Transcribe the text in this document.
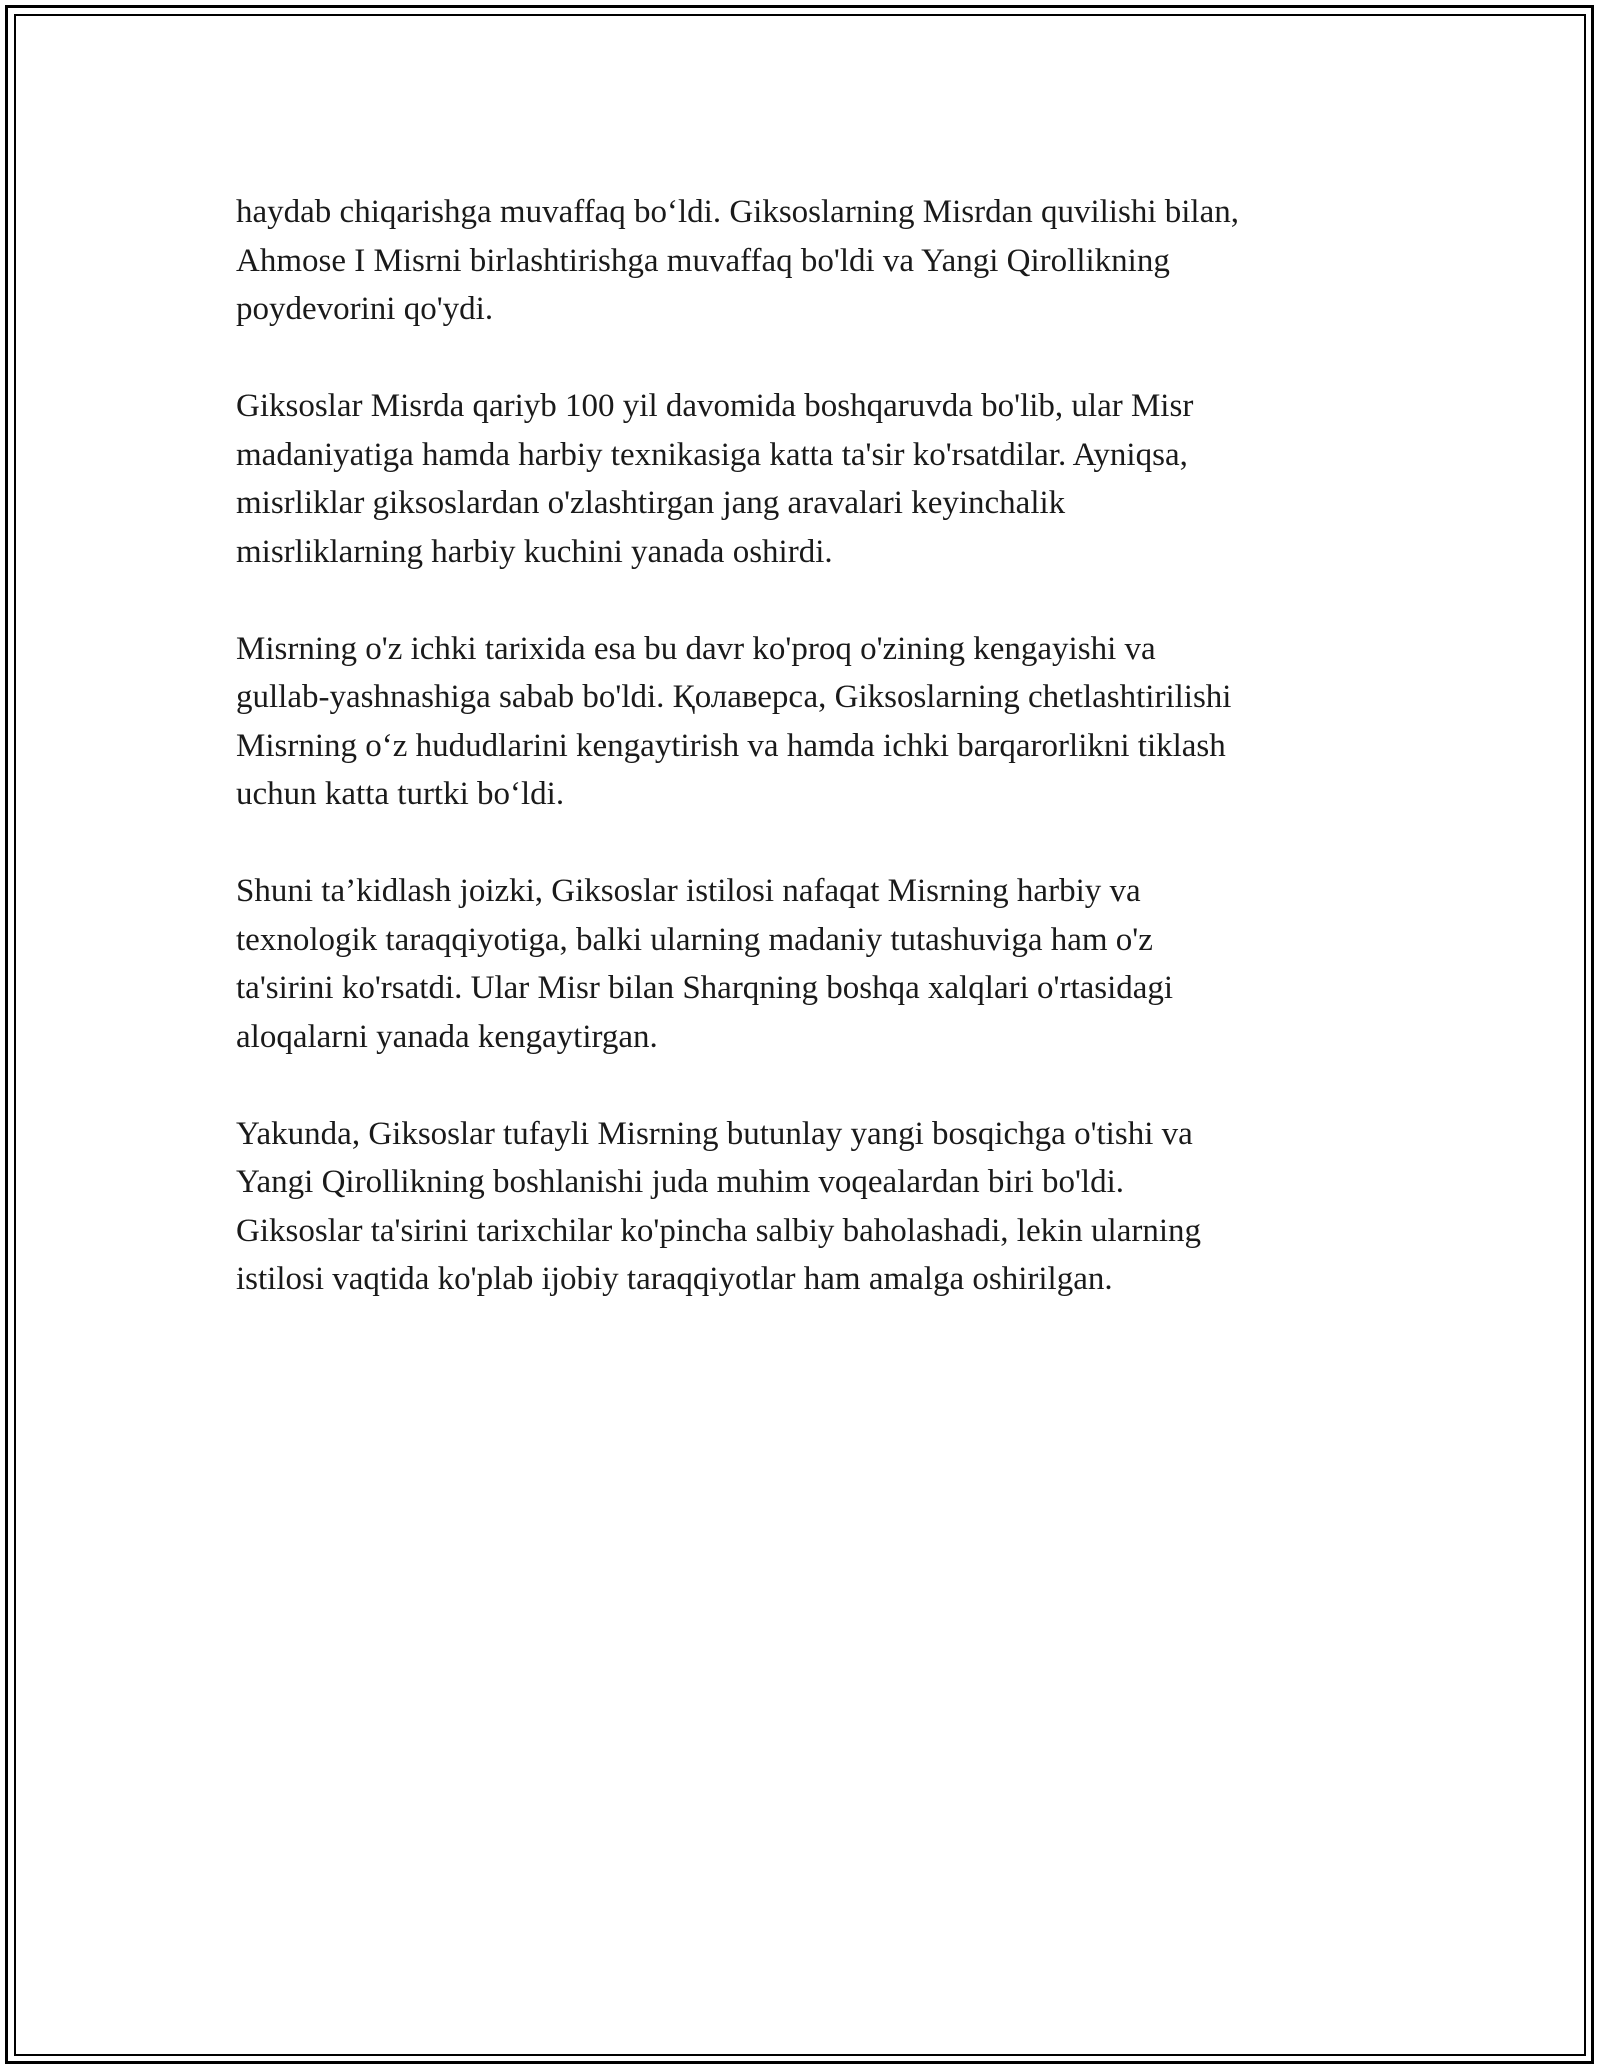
haydab chiqarishga muvaffaq bo‘ldi. Giksoslarning Misrdan quvilishi bilan,
Ahmose I Misrni birlashtirishga muvaffaq bo'ldi va Yangi Qirollikning
poydevorini qo'ydi.

Giksoslar Misrda qariyb 100 yil davomida boshqaruvda bo'lib, ular Misr
madaniyatiga hamda harbiy texnikasiga katta ta'sir ko'rsatdilar. Ayniqsa,
misrliklar giksoslardan o'zlashtirgan jang aravalari keyinchalik
misrliklarning harbiy kuchini yanada oshirdi.

Misrning o'z ichki tarixida esa bu davr ko'proq o'zining kengayishi va
gullab-yashnashiga sabab bo'ldi. Қолаверса, Giksoslarning chetlashtirilishi
Misrning o‘z hududlarini kengaytirish va hamda ichki barqarorlikni tiklash
uchun katta turtki bo‘ldi.

Shuni ta’kidlash joizki, Giksoslar istilosi nafaqat Misrning harbiy va
texnologik taraqqiyotiga, balki ularning madaniy tutashuviga ham o'z
ta'sirini ko'rsatdi. Ular Misr bilan Sharqning boshqa xalqlari o'rtasidagi
aloqalarni yanada kengaytirgan.

Yakunda, Giksoslar tufayli Misrning butunlay yangi bosqichga o'tishi va
Yangi Qirollikning boshlanishi juda muhim voqealardan biri bo'ldi.
Giksoslar ta'sirini tarixchilar ko'pincha salbiy baholashadi, lekin ularning
istilosi vaqtida ko'plab ijobiy taraqqiyotlar ham amalga oshirilgan.
